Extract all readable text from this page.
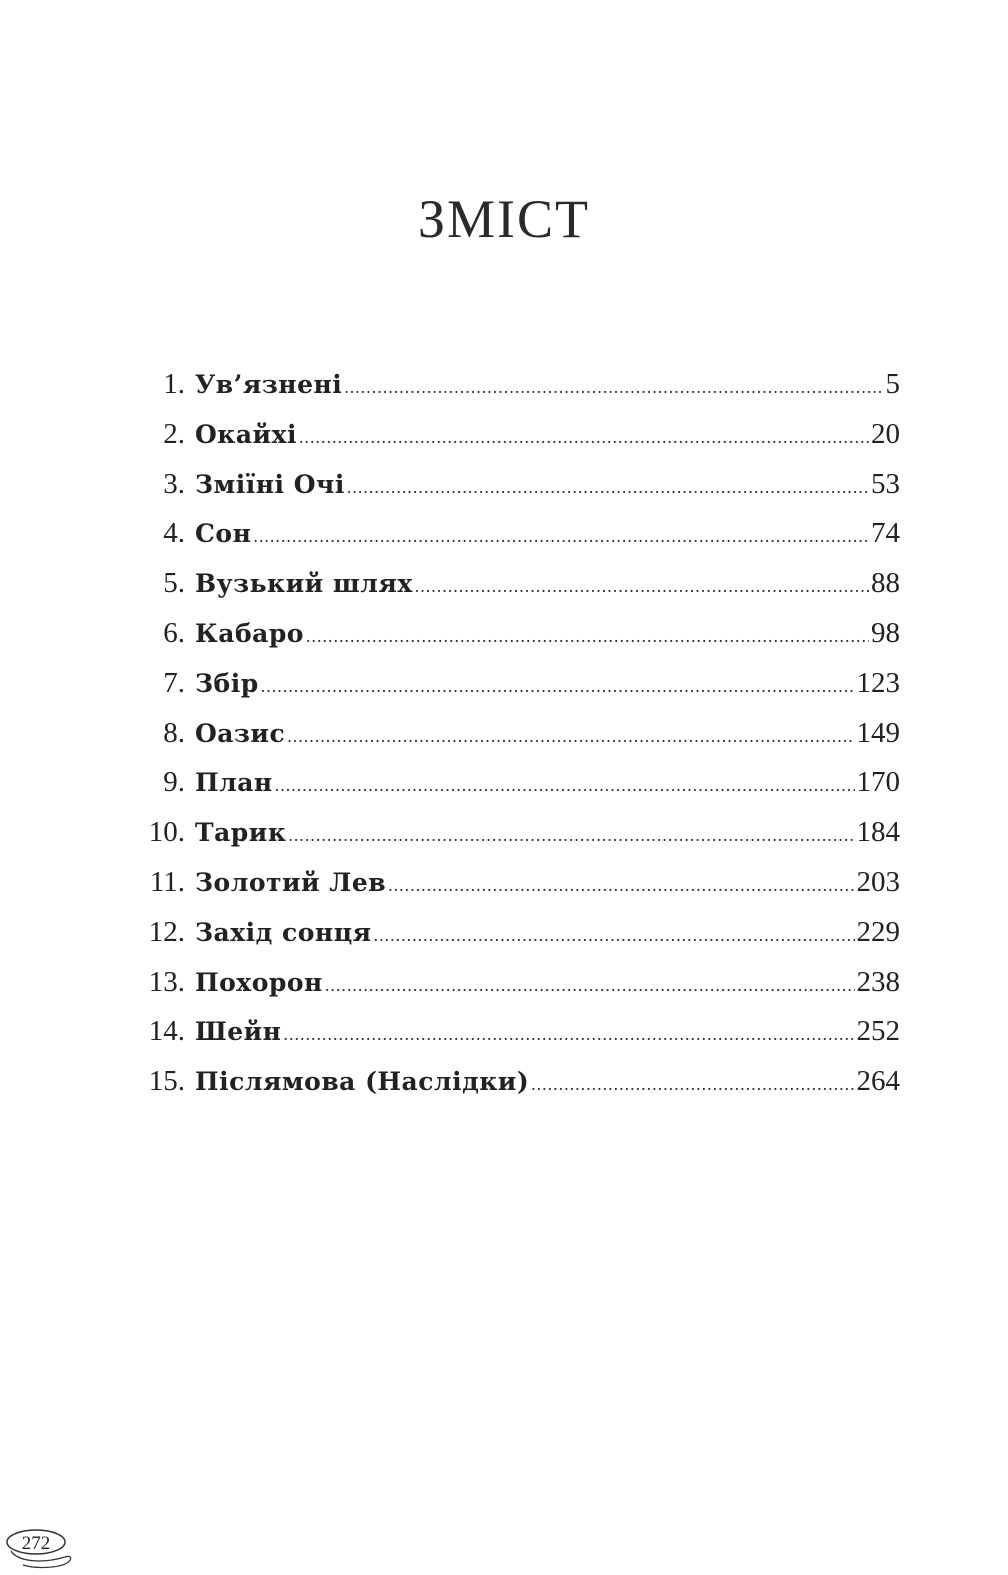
ЗМІСТ
1. Ув’язнені .....	5
2. Окайхі .....	20
3. Зміїні Очі .....	53
4. Сон .....	74
5. Вузький шлях .....	88
6. Кабаро .....	98
7. Збір .....	123
8. Оазис .....	149
9. План .....	170
10. Тарик .....	184
11. Золотий Лев .....	203
12. Захід сонця .....	229
13. Похорон .....	238
14. Шейн .....	252
15. Післямова (Наслідки) .....	264
272
